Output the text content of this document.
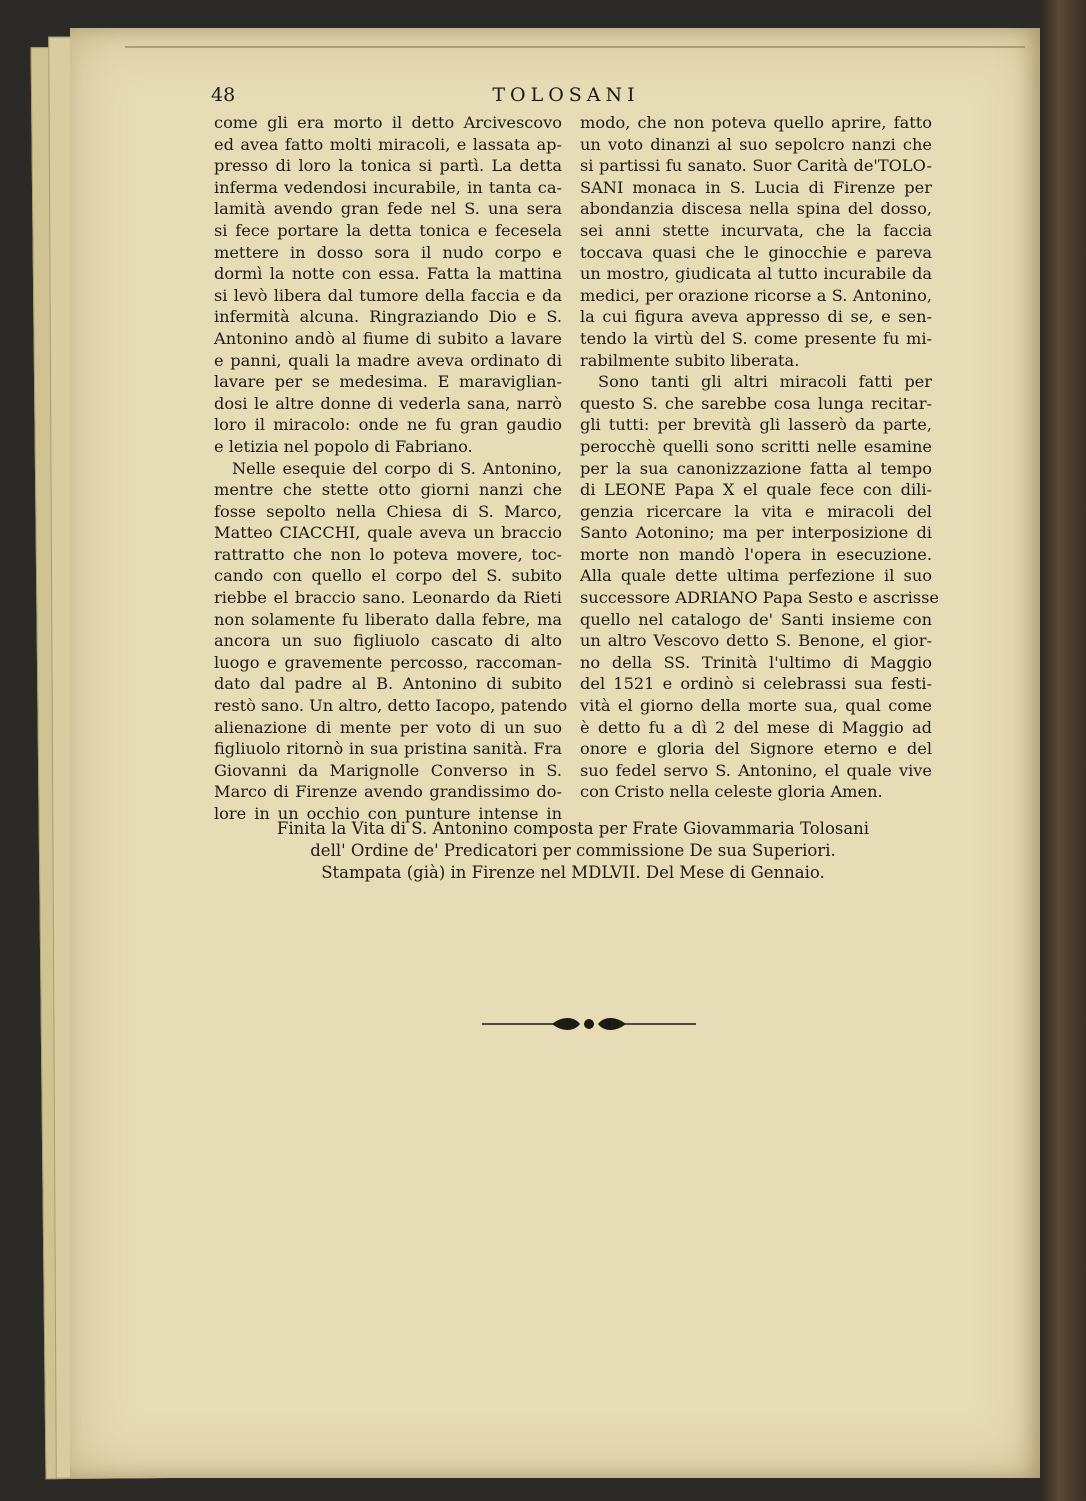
48	TOLOSANI
come gli era morto il detto Arcivescovo
ed avea fatto molti miracoli, e lassata ap-
presso di loro la tonica si partì. La detta
inferma vedendosi incurabile, in tanta ca-
lamità avendo gran fede nel S. una sera
si fece portare la detta tonica e fecesela
mettere in dosso sora il nudo corpo e
dormì la notte con essa. Fatta la mattina
si levò libera dal tumore della faccia e da
infermità alcuna. Ringraziando Dio e S.
Antonino andò al fiume di subito a lavare
e panni, quali la madre aveva ordinato di
lavare per se medesima. E maraviglian-
dosi le altre donne di vederla sana, narrò
loro il miracolo: onde ne fu gran gaudio
e letizia nel popolo di Fabriano.
Nelle esequie del corpo di S. Antonino,
mentre che stette otto giorni nanzi che
fosse sepolto nella Chiesa di S. Marco,
Matteo CIACCHI, quale aveva un braccio
rattratto che non lo poteva movere, toc-
cando con quello el corpo del S. subito
riebbe el braccio sano. Leonardo da Rieti
non solamente fu liberato dalla febre, ma
ancora un suo figliuolo cascato di alto
luogo e gravemente percosso, raccoman-
dato dal padre al B. Antonino di subito
restò sano. Un altro, detto Iacopo, patendo
alienazione di mente per voto di un suo
figliuolo ritornò in sua pristina sanità. Fra
Giovanni da Marignolle Converso in S.
Marco di Firenze avendo grandissimo do-
lore in un occhio con punture intense in
modo, che non poteva quello aprire, fatto
un voto dinanzi al suo sepolcro nanzi che
si partissi fu sanato. Suor Carità de'TOLO-
SANI monaca in S. Lucia di Firenze per
abondanzia discesa nella spina del dosso,
sei anni stette incurvata, che la faccia
toccava quasi che le ginocchie e pareva
un mostro, giudicata al tutto incurabile da
medici, per orazione ricorse a S. Antonino,
la cui figura aveva appresso di se, e sen-
tendo la virtù del S. come presente fu mi-
rabilmente subito liberata.
Sono tanti gli altri miracoli fatti per
questo S. che sarebbe cosa lunga recitar-
gli tutti: per brevità gli lasserò da parte,
perocchè quelli sono scritti nelle esamine
per la sua canonizzazione fatta al tempo
di LEONE Papa X el quale fece con dili-
genzia ricercare la vita e miracoli del
Santo Aotonino; ma per interposizione di
morte non mandò l'opera in esecuzione.
Alla quale dette ultima perfezione il suo
successore ADRIANO Papa Sesto e ascrisse
quello nel catalogo de' Santi insieme con
un altro Vescovo detto S. Benone, el gior-
no della SS. Trinità l'ultimo di Maggio
del 1521 e ordinò si celebrassi sua festi-
vità el giorno della morte sua, qual come
è detto fu a dì 2 del mese di Maggio ad
onore e gloria del Signore eterno e del
suo fedel servo S. Antonino, el quale vive
con Cristo nella celeste gloria Amen.
Finita la Vita di S. Antonino composta per Frate Giovammaria Tolosani
dell' Ordine de' Predicatori per commissione De sua Superiori.
Stampata (già) in Firenze nel MDLVII. Del Mese di Gennaio.
